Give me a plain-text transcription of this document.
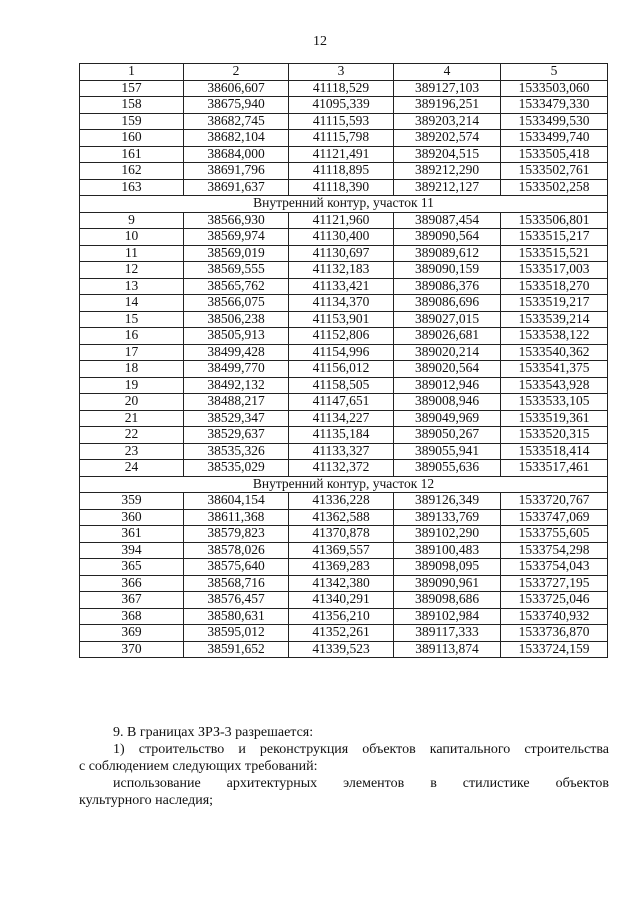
12
1	2	3	4	5
157	38606,607	41118,529	389127,103	1533503,060
158	38675,940	41095,339	389196,251	1533479,330
159	38682,745	41115,593	389203,214	1533499,530
160	38682,104	41115,798	389202,574	1533499,740
161	38684,000	41121,491	389204,515	1533505,418
162	38691,796	41118,895	389212,290	1533502,761
163	38691,637	41118,390	389212,127	1533502,258
Внутренний контур, участок 11				
9	38566,930	41121,960	389087,454	1533506,801
10	38569,974	41130,400	389090,564	1533515,217
11	38569,019	41130,697	389089,612	1533515,521
12	38569,555	41132,183	389090,159	1533517,003
13	38565,762	41133,421	389086,376	1533518,270
14	38566,075	41134,370	389086,696	1533519,217
15	38506,238	41153,901	389027,015	1533539,214
16	38505,913	41152,806	389026,681	1533538,122
17	38499,428	41154,996	389020,214	1533540,362
18	38499,770	41156,012	389020,564	1533541,375
19	38492,132	41158,505	389012,946	1533543,928
20	38488,217	41147,651	389008,946	1533533,105
21	38529,347	41134,227	389049,969	1533519,361
22	38529,637	41135,184	389050,267	1533520,315
23	38535,326	41133,327	389055,941	1533518,414
24	38535,029	41132,372	389055,636	1533517,461
Внутренний контур, участок 12				
359	38604,154	41336,228	389126,349	1533720,767
360	38611,368	41362,588	389133,769	1533747,069
361	38579,823	41370,878	389102,290	1533755,605
394	38578,026	41369,557	389100,483	1533754,298
365	38575,640	41369,283	389098,095	1533754,043
366	38568,716	41342,380	389090,961	1533727,195
367	38576,457	41340,291	389098,686	1533725,046
368	38580,631	41356,210	389102,984	1533740,932
369	38595,012	41352,261	389117,333	1533736,870
370	38591,652	41339,523	389113,874	1533724,159

9. В границах ЗРЗ-3 разрешается:

1) строительство и реконструкция объектов капитального строительства

с соблюдением следующих требований:

использование архитектурных элементов в стилистике объектов

культурного наследия;
